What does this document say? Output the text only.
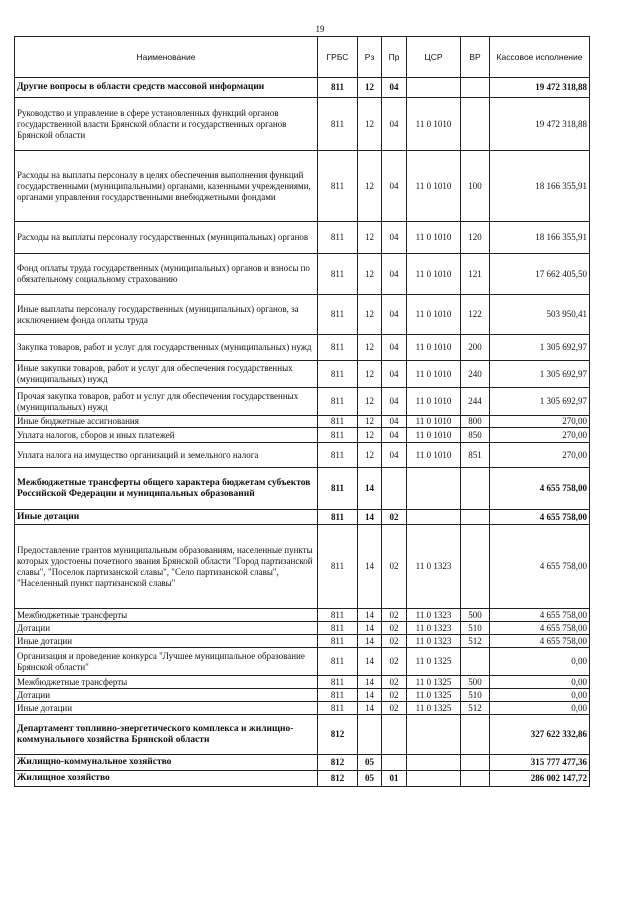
19
Наименование	ГРБС	Рз	Пр	ЦСР	ВР	Кассовое исполнение
Другие вопросы в области средств массовой информации	811	12	04			19 472 318,88
Руководство и управление в сфере установленных функций органов государственной власти Брянской области и государственных органов Брянской области	811	12	04	11 0 1010		19 472 318,88
Расходы на выплаты персоналу в целях обеспечения выполнения функций государственными (муниципальными) органами, казенными учреждениями, органами управления государственными внебюджетными фондами	811	12	04	11 0 1010	100	18 166 355,91
Расходы на выплаты персоналу государственных (муниципальных) органов	811	12	04	11 0 1010	120	18 166 355,91
Фонд оплаты труда государственных (муниципальных) органов и взносы по обязательному социальному страхованию	811	12	04	11 0 1010	121	17 662 405,50
Иные выплаты персоналу государственных (муниципальных) органов, за исключением фонда оплаты труда	811	12	04	11 0 1010	122	503 950,41
Закупка товаров, работ и услуг для государственных (муниципальных) нужд	811	12	04	11 0 1010	200	1 305 692,97
Иные закупки товаров, работ и услуг для обеспечения государственных (муниципальных) нужд	811	12	04	11 0 1010	240	1 305 692,97
Прочая закупка товаров, работ и услуг для обеспечения государственных (муниципальных) нужд	811	12	04	11 0 1010	244	1 305 692,97
Иные бюджетные ассигнования	811	12	04	11 0 1010	800	270,00
Уплата налогов, сборов и иных платежей	811	12	04	11 0 1010	850	270,00
Уплата налога на имущество организаций и земельного налога	811	12	04	11 0 1010	851	270,00
Межбюджетные трансферты общего характера бюджетам субъектов Российской Федерации и муниципальных образований	811	14				4 655 758,00
Иные дотации	811	14	02			4 655 758,00
Предоставление грантов муниципальным образованиям, населенные пункты которых удостоены почетного звания Брянской области "Город партизанской славы", "Поселок партизанской славы", "Село партизанской славы", "Населенный пункт партизанской славы"	811	14	02	11 0 1323		4 655 758,00
Межбюджетные трансферты	811	14	02	11 0 1323	500	4 655 758,00
Дотации	811	14	02	11 0 1323	510	4 655 758,00
Иные дотации	811	14	02	11 0 1323	512	4 655 758,00
Организация и проведение конкурса "Лучшее муниципальное образование Брянской области"	811	14	02	11 0 1325		0,00
Межбюджетные трансферты	811	14	02	11 0 1325	500	0,00
Дотации	811	14	02	11 0 1325	510	0,00
Иные дотации	811	14	02	11 0 1325	512	0,00
Департамент топливно-энергетического комплекса и жилищно-коммунального хозяйства Брянской области	812					327 622 332,86
Жилищно-коммунальное хозяйство	812	05				315 777 477,36
Жилищное хозяйство	812	05	01			286 002 147,72
